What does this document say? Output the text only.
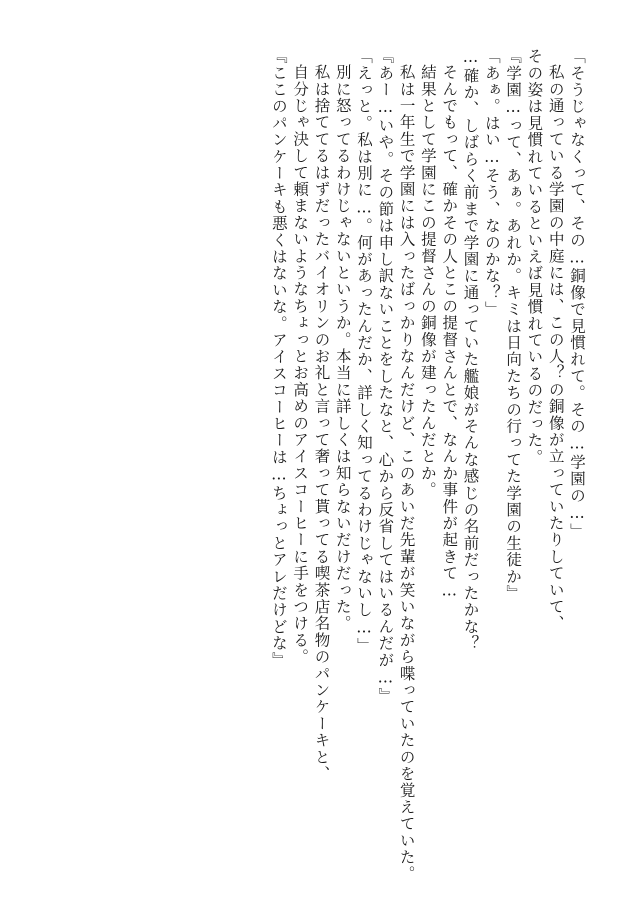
「そうじゃなくって、その…銅像で見慣れて。その…学園の…」
私の通っている学園の中庭には、この人？の銅像が立っていたりしていて、
その姿は見慣れているといえば見慣れているのだった。
『学園…って、あぁ。あれか。キミは日向たちの行ってた学園の生徒か』
「あぁ。はい…そう、なのかな？」
…確か、しばらく前まで学園に通っていた艦娘がそんな感じの名前だったかな？
そんでもって、確かその人とこの提督さんとで、なんか事件が起きて…
結果として学園にこの提督さんの銅像が建ったんだとか。
私は一年生で学園には入ったばっかりなんだけど、このあいだ先輩が笑いながら喋っていたのを覚えていた。
『あー…いや。その節は申し訳ないことをしたなと、心から反省してはいるんだが…』
「えっと。私は別に…。何があったんだか、詳しく知ってるわけじゃないし…」
別に怒ってるわけじゃないというか。本当に詳しくは知らないだけだった。
私は捨ててるはずだったバイオリンのお礼と言って奢って貰ってる喫茶店名物のパンケーキと、
自分じゃ決して頼まないようなちょっとお高めのアイスコーヒーに手をつける。
『ここのパンケーキも悪くはないな。アイスコーヒーは…ちょっとアレだけどな』
